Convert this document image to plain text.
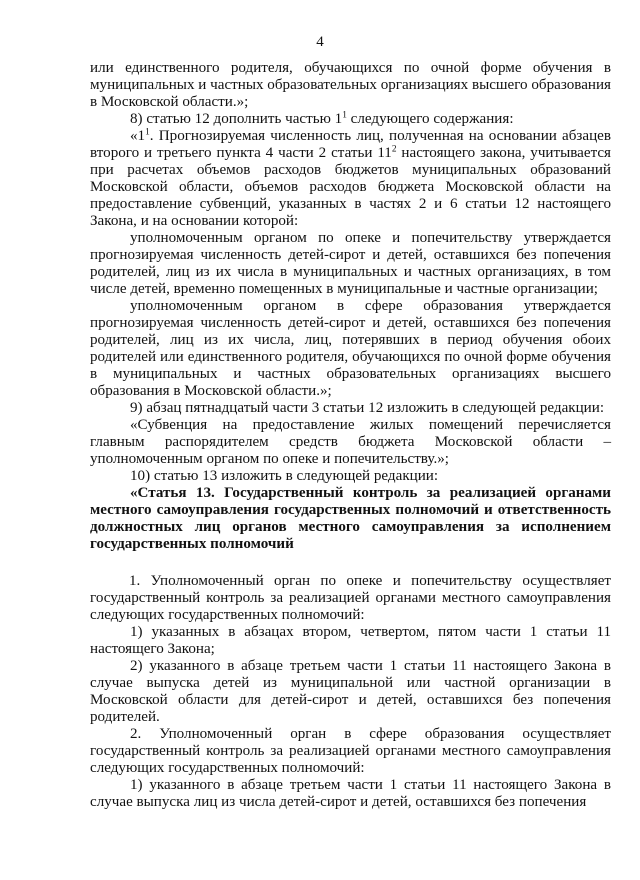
4

или единственного родителя, обучающихся по очной форме обучения в муниципальных и частных образовательных организациях высшего образования в Московской области.»;

8) статью 12 дополнить частью $1^1$ следующего содержания:

«$1^1$. Прогнозируемая численность лиц, полученная на основании абзацев второго и третьего пункта 4 части 2 статьи $11^2$ настоящего закона, учитывается при расчетах объемов расходов бюджетов муниципальных образований Московской области, объемов расходов бюджета Московской области на предоставление субвенций, указанных в частях 2 и 6 статьи 12 настоящего Закона, и на основании которой:

уполномоченным органом по опеке и попечительству утверждается прогнозируемая численность детей-сирот и детей, оставшихся без попечения родителей, лиц из их числа в муниципальных и частных организациях, в том числе детей, временно помещенных в муниципальные и частные организации;

уполномоченным органом в сфере образования утверждается прогнозируемая численность детей-сирот и детей, оставшихся без попечения родителей, лиц из их числа, лиц, потерявших в период обучения обоих родителей или единственного родителя, обучающихся по очной форме обучения в муниципальных и частных образовательных организациях высшего образования в Московской области.»;

9) абзац пятнадцатый части 3 статьи 12 изложить в следующей редакции:

«Субвенция на предоставление жилых помещений перечисляется главным распорядителем средств бюджета Московской области – уполномоченным органом по опеке и попечительству.»;

10) статью 13 изложить в следующей редакции:

«Статья 13. Государственный контроль за реализацией органами местного самоуправления государственных полномочий и ответственность должностных лиц органов местного самоуправления за исполнением государственных полномочий

1. Уполномоченный орган по опеке и попечительству осуществляет государственный контроль за реализацией органами местного самоуправления следующих государственных полномочий:

1) указанных в абзацах втором, четвертом, пятом части 1 статьи 11 настоящего Закона;

2) указанного в абзаце третьем части 1 статьи 11 настоящего Закона в случае выпуска детей из муниципальной или частной организации в Московской области для детей-сирот и детей, оставшихся без попечения родителей.

2. Уполномоченный орган в сфере образования осуществляет государственный контроль за реализацией органами местного самоуправления следующих государственных полномочий:

1) указанного в абзаце третьем части 1 статьи 11 настоящего Закона в случае выпуска лиц из числа детей-сирот и детей, оставшихся без попечения
